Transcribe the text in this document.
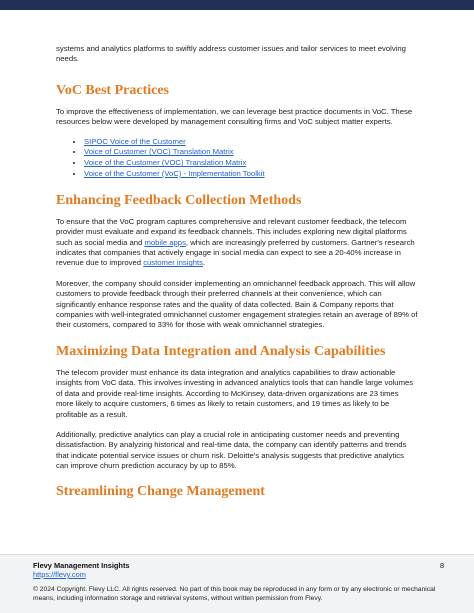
systems and analytics platforms to swiftly address customer issues and tailor services to meet evolving needs.

VoC Best Practices

To improve the effectiveness of implementation, we can leverage best practice documents in VoC. These resources below were developed by management consulting firms and VoC subject matter experts.

• SIPOC Voice of the Customer
• Voice of Customer (VOC) Translation Matrix
• Voice of the Customer (VOC) Translation Matrix
• Voice of the Customer (VoC) - Implementation Toolkit
Enhancing Feedback Collection Methods

To ensure that the VoC program captures comprehensive and relevant customer feedback, the telecom provider must evaluate and expand its feedback channels. This includes exploring new digital platforms such as social media and mobile apps, which are increasingly preferred by customers. Gartner's research indicates that companies that actively engage in social media can expect to see a 20-40% increase in revenue due to improved customer insights.

Moreover, the company should consider implementing an omnichannel feedback approach. This will allow customers to provide feedback through their preferred channels at their convenience, which can significantly enhance response rates and the quality of data collected. Bain & Company reports that companies with well-integrated omnichannel customer engagement strategies retain an average of 89% of their customers, compared to 33% for those with weak omnichannel strategies.

Maximizing Data Integration and Analysis Capabilities

The telecom provider must enhance its data integration and analytics capabilities to draw actionable insights from VoC data. This involves investing in advanced analytics tools that can handle large volumes of data and provide real-time insights. According to McKinsey, data-driven organizations are 23 times more likely to acquire customers, 6 times as likely to retain customers, and 19 times as likely to be profitable as a result.

Additionally, predictive analytics can play a crucial role in anticipating customer needs and preventing dissatisfaction. By analyzing historical and real-time data, the company can identify patterns and trends that indicate potential service issues or churn risk. Deloitte's analysis suggests that predictive analytics can improve churn prediction accuracy by up to 85%.

Streamlining Change Management
Flevy Management Insights
https://flevy.com
8
© 2024 Copyright. Flevy LLC. All rights reserved. No part of this book may be reproduced in any form or by any electronic or mechanical means, including information storage and retrieval systems, without written permission from Flevy.
